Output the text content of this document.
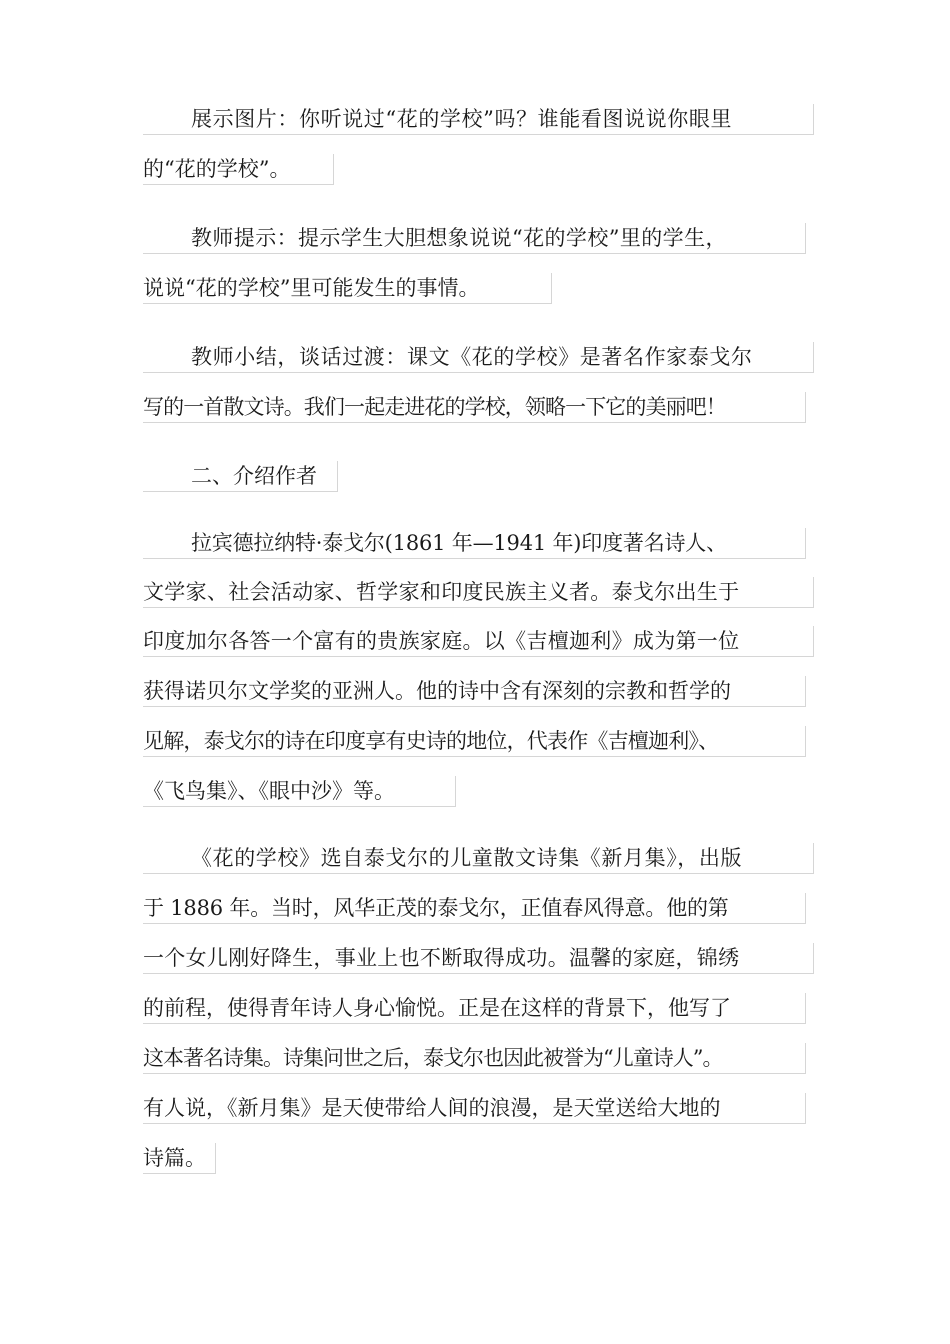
展示图片：你听说过“花的学校”吗？谁能看图说说你眼里
的“花的学校”。
教师提示：提示学生大胆想象说说“花的学校”里的学生，
说说“花的学校”里可能发生的事情。
教师小结，谈话过渡：课文《花的学校》是著名作家泰戈尔
写的一首散文诗。我们一起走进花的学校，领略一下它的美丽吧！
二、介绍作者
拉宾德拉纳特·泰戈尔(1861 年—1941 年)印度著名诗人、
文学家、社会活动家、哲学家和印度民族主义者。泰戈尔出生于
印度加尔各答一个富有的贵族家庭。以《吉檀迦利》成为第一位
获得诺贝尔文学奖的亚洲人。他的诗中含有深刻的宗教和哲学的
见解，泰戈尔的诗在印度享有史诗的地位，代表作《吉檀迦利》、
《飞鸟集》、《眼中沙》等。
《花的学校》选自泰戈尔的儿童散文诗集《新月集》，出版
于 1886 年。当时，风华正茂的泰戈尔，正值春风得意。他的第
一个女儿刚好降生，事业上也不断取得成功。温馨的家庭，锦绣
的前程，使得青年诗人身心愉悦。正是在这样的背景下，他写了
这本著名诗集。诗集问世之后，泰戈尔也因此被誉为“儿童诗人”。
有人说，《新月集》是天使带给人间的浪漫，是天堂送给大地的
诗篇。
